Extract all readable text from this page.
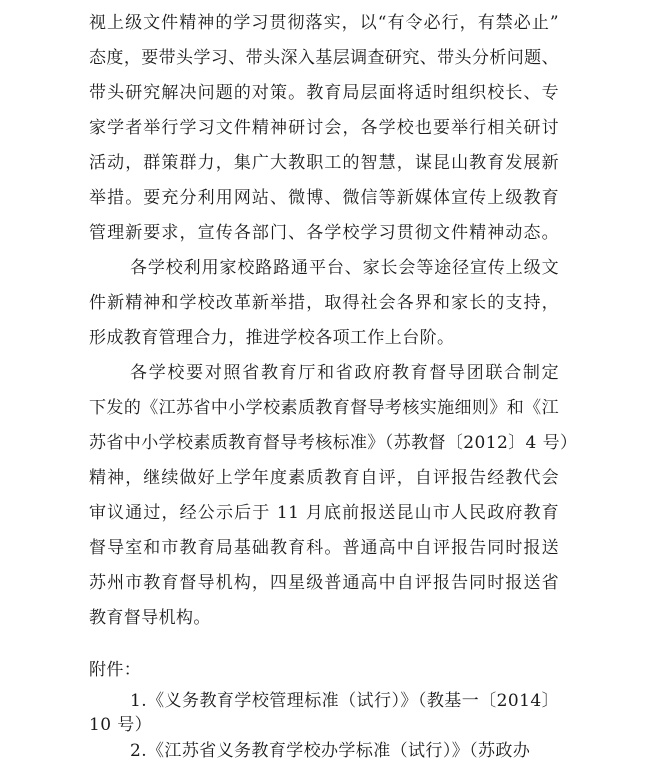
视上级文件精神的学习贯彻落实，以“有令必行，有禁必止”
态度，要带头学习、带头深入基层调查研究、带头分析问题、
带头研究解决问题的对策。教育局层面将适时组织校长、专
家学者举行学习文件精神研讨会，各学校也要举行相关研讨
活动，群策群力，集广大教职工的智慧，谋昆山教育发展新
举措。要充分利用网站、微博、微信等新媒体宣传上级教育
管理新要求，宣传各部门、各学校学习贯彻文件精神动态。
各学校利用家校路路通平台、家长会等途径宣传上级文
件新精神和学校改革新举措，取得社会各界和家长的支持，
形成教育管理合力，推进学校各项工作上台阶。
各学校要对照省教育厅和省政府教育督导团联合制定
下发的《江苏省中小学校素质教育督导考核实施细则》和《江
苏省中小学校素质教育督导考核标准》（苏教督〔2012〕4 号）
精神，继续做好上学年度素质教育自评，自评报告经教代会
审议通过，经公示后于 11 月底前报送昆山市人民政府教育
督导室和市教育局基础教育科。普通高中自评报告同时报送
苏州市教育督导机构，四星级普通高中自评报告同时报送省
教育督导机构。
附件：
1.《义务教育学校管理标准（试行）》（教基一〔2014〕
10 号）
2.《江苏省义务教育学校办学标准（试行）》（苏政办
